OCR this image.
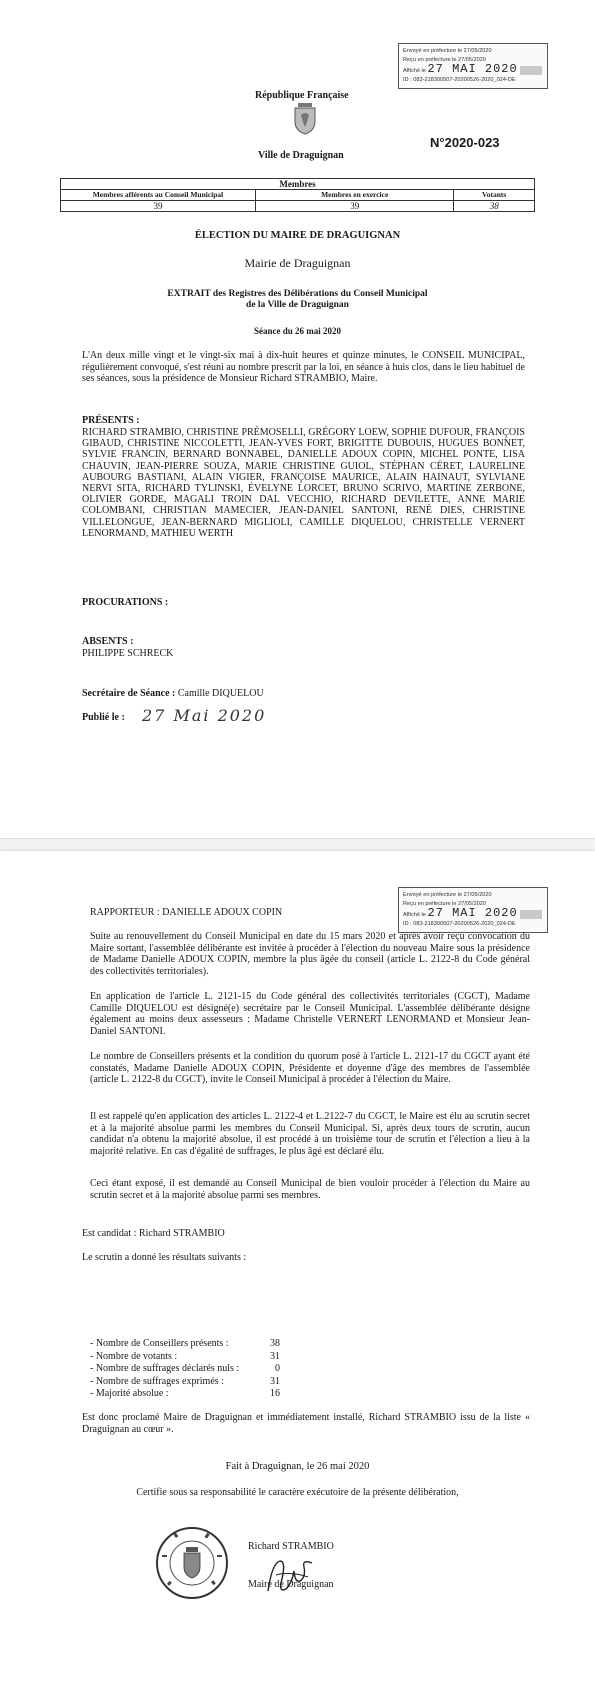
Envoyé en préfecture le 27/05/2020
Reçu en préfecture le 27/05/2020
Affiché le 27 MAI 2020
ID : 083-218300507-20200526-2020_024-DE
République Française
Ville de Draguignan
N°2020-023
Membres		
Membres afférents au Conseil Municipal	Membres en exercice	Votants
39	39	38
ÉLECTION DU MAIRE DE DRAGUIGNAN
Mairie de Draguignan
EXTRAIT des Registres des Délibérations du Conseil Municipal
de la Ville de Draguignan
Séance du 26 mai 2020
L'An deux mille vingt et le vingt-six mai à dix-huit heures et quinze minutes, le CONSEIL MUNICIPAL, régulièrement convoqué, s'est réuni au nombre prescrit par la loi, en séance à huis clos, dans le lieu habituel de ses séances, sous la présidence de Monsieur Richard STRAMBIO, Maire.
PRÉSENTS :
RICHARD STRAMBIO, CHRISTINE PRÉMOSELLI, GRÉGORY LOEW, SOPHIE DUFOUR, FRANÇOIS GIBAUD, CHRISTINE NICCOLETTI, JEAN-YVES FORT, BRIGITTE DUBOUIS, HUGUES BONNET, SYLVIE FRANCIN, BERNARD BONNABEL, DANIELLE ADOUX COPIN, MICHEL PONTE, LISA CHAUVIN, JEAN-PIERRE SOUZA, MARIE CHRISTINE GUIOL, STÉPHAN CÉRET, LAURELINE AUBOURG BASTIANI, ALAIN VIGIER, FRANÇOISE MAURICE, ALAIN HAINAUT, SYLVIANE NERVI SITA, RICHARD TYLINSKI, ÉVELYNE LORCET, BRUNO SCRIVO, MARTINE ZERBONE, OLIVIER GORDE, MAGALI TROIN DAL VECCHIO, RICHARD DEVILETTE, ANNE MARIE COLOMBANI, CHRISTIAN MAMECIER, JEAN-DANIEL SANTONI, RENÉ DIES, CHRISTINE VILLELONGUE, JEAN-BERNARD MIGLIOLI, CAMILLE DIQUELOU, CHRISTELLE VERNERT LENORMAND, MATHIEU WERTH
PROCURATIONS :
ABSENTS :
PHILIPPE SCHRECK
Secrétaire de Séance : Camille DIQUELOU
Publié le : 27 Mai 2020
Envoyé en préfecture le 27/05/2020
Reçu en préfecture le 27/05/2020
Affiché le 27 MAI 2020
ID : 083-218300507-20200526-2020_024-DE
RAPPORTEUR : DANIELLE ADOUX COPIN
Suite au renouvellement du Conseil Municipal en date du 15 mars 2020 et après avoir reçu convocation du Maire sortant, l'assemblée délibérante est invitée à procéder à l'élection du nouveau Maire sous la présidence de Madame Danielle ADOUX COPIN, membre la plus âgée du conseil (article L. 2122-8 du Code général des collectivités territoriales).
En application de l'article L. 2121-15 du Code général des collectivités territoriales (CGCT), Madame Camille DIQUELOU est désigné(e) secrétaire par le Conseil Municipal. L'assemblée délibérante désigne également au moins deux assesseurs : Madame Christelle VERNERT LENORMAND et Monsieur Jean-Daniel SANTONI.
Le nombre de Conseillers présents et la condition du quorum posé à l'article L. 2121-17 du CGCT ayant été constatés, Madame Danielle ADOUX COPIN, Présidente et doyenne d'âge des membres de l'assemblée (article L. 2122-8 du CGCT), invite le Conseil Municipal à procéder à l'élection du Maire.
Il est rappelé qu'en application des articles L. 2122-4 et L.2122-7 du CGCT, le Maire est élu au scrutin secret et à la majorité absolue parmi les membres du Conseil Municipal. Si, après deux tours de scrutin, aucun candidat n'a obtenu la majorité absolue, il est procédé à un troisième tour de scrutin et l'élection a lieu à la majorité relative. En cas d'égalité de suffrages, le plus âgé est déclaré élu.
Ceci étant exposé, il est demandé au Conseil Municipal de bien vouloir procéder à l'élection du Maire au scrutin secret et à la majorité absolue parmi ses membres.
Est candidat : Richard STRAMBIO
Le scrutin a donné les résultats suivants :
- Nombre de Conseillers présents :	38
- Nombre de votants :	31
- Nombre de suffrages déclarés nuls :	0
- Nombre de suffrages exprimés :	31
- Majorité absolue :	16
Est donc proclamé Maire de Draguignan et immédiatement installé, Richard STRAMBIO issu de la liste « Draguignan au cœur ».
Fait à Draguignan, le 26 mai 2020
Certifie sous sa responsabilité le caractère exécutoire de la présente délibération,
Richard STRAMBIO
Maire de Draguignan
